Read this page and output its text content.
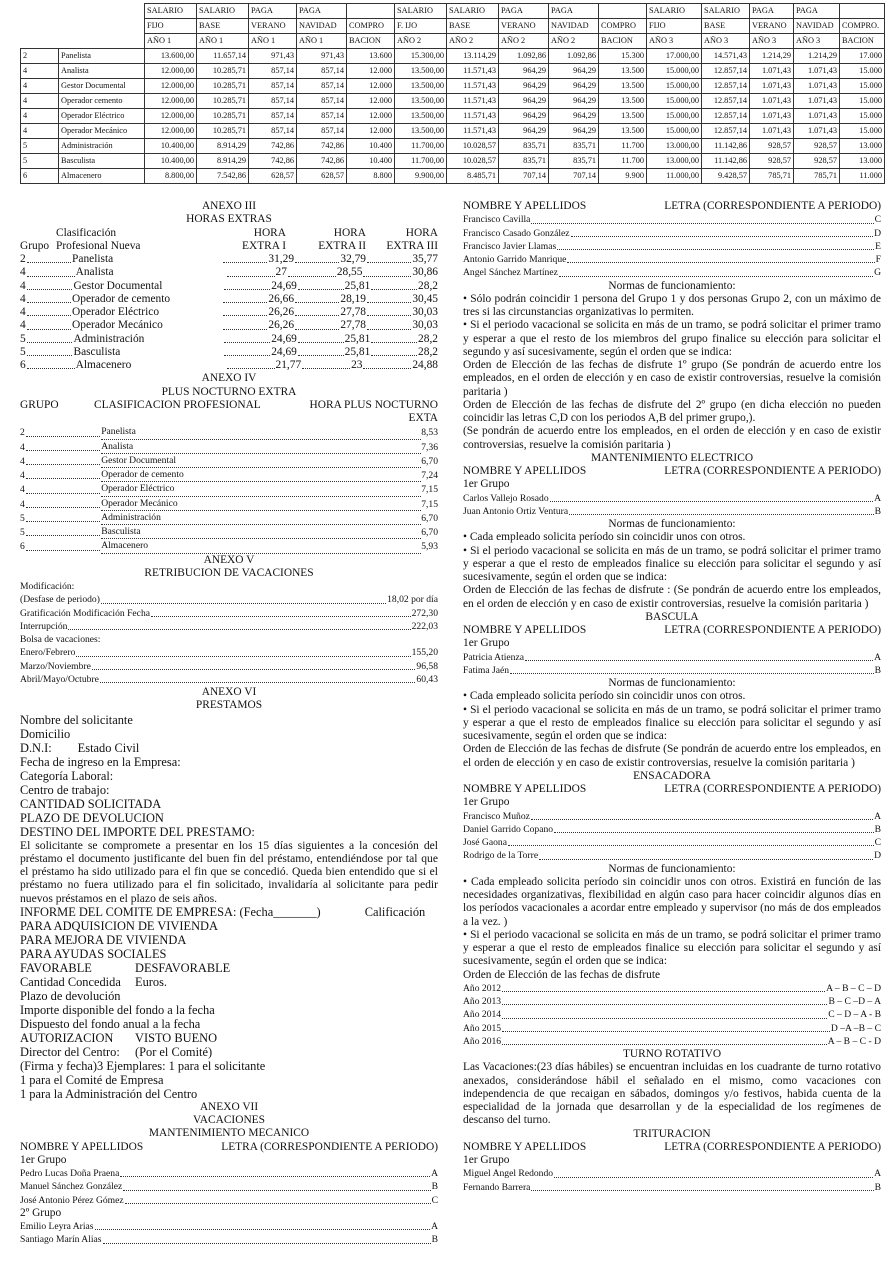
		SALARIO	SALARIO	PAGA	PAGA		SALARIO	SALARIO	PAGA	PAGA		SALARIO	SALARIO	PAGA	PAGA	
		FIJO	BASE	VERANO	NAVIDAD	COMPRO	F. IJO	BASE	VERANO	NAVIDAD	COMPRO	FIJO	BASE	VERANO	NAVIDAD	COMPRO.
		AÑO 1	AÑO 1	AÑO 1	AÑO 1	BACION	AÑO 2	AÑO 2	AÑO 2	AÑO 2	BACION	AÑO 3	AÑO 3	AÑO 3	AÑO 3	BACION
2	Panelista	13.600,00	11.657,14	971,43	971,43	13.600	15.300,00	13.114,29	1.092,86	1.092,86	15.300	17.000,00	14.571,43	1.214,29	1.214,29	17.000
4	Analista	12.000,00	10.285,71	857,14	857,14	12.000	13.500,00	11.571,43	964,29	964,29	13.500	15.000,00	12.857,14	1.071,43	1.071,43	15.000
4	Gestor Documental	12.000,00	10.285,71	857,14	857,14	12.000	13.500,00	11.571,43	964,29	964,29	13.500	15.000,00	12.857,14	1.071,43	1.071,43	15.000
4	Operador cemento	12.000,00	10.285,71	857,14	857,14	12.000	13.500,00	11.571,43	964,29	964,29	13.500	15.000,00	12.857,14	1.071,43	1.071,43	15.000
4	Operador Eléctrico	12.000,00	10.285,71	857,14	857,14	12.000	13.500,00	11.571,43	964,29	964,29	13.500	15.000,00	12.857,14	1.071,43	1.071,43	15.000
4	Operador Mecánico	12.000,00	10.285,71	857,14	857,14	12.000	13.500,00	11.571,43	964,29	964,29	13.500	15.000,00	12.857,14	1.071,43	1.071,43	15.000
5	Administración	10.400,00	8.914,29	742,86	742,86	10.400	11.700,00	10.028,57	835,71	835,71	11.700	13.000,00	11.142,86	928,57	928,57	13.000
5	Basculista	10.400,00	8.914,29	742,86	742,86	10.400	11.700,00	10.028,57	835,71	835,71	11.700	13.000,00	11.142,86	928,57	928,57	13.000
6	Almacenero	8.800,00	7.542,86	628,57	628,57	8.800	9.900,00	8.485,71	707,14	707,14	9.900	11.000,00	9.428,57	785,71	785,71	11.000
ANEXO III
HORAS EXTRAS
Clasificación	HORA	HORA	HORA
Grupo Profesional Nueva	EXTRA I	EXTRA II	EXTRA III
2	Panelista	31,29	32,79	35,77
4	Analista	27	28,55	30,86
4	Gestor Documental	24,69	25,81	28,2
4	Operador de cemento	26,66	28,19	30,45
4	Operador Eléctrico	26,26	27,78	30,03
4	Operador Mecánico	26,26	27,78	30,03
5	Administración	24,69	25,81	28,2
5	Basculista	24,69	25,81	28,2
6	Almacenero	21,77	23	24,88
ANEXO IV
PLUS NOCTURNO EXTRA
GRUPO	CLASIFICACION PROFESIONAL	HORA PLUS NOCTURNO EXTA
2	Panelista	8,53
4	Analista	7,36
4	Gestor Documental	6,70
4	Operador de cemento	7,24
4	Operador Eléctrico	7,15
4	Operador Mecánico	7,15
5	Administración	6,70
5	Basculista	6,70
6	Almacenero	5,93
ANEXO V
RETRIBUCION DE VACACIONES
Modificación:
(Desfase de periodo)	18,02 por día
Gratificación Modificación Fecha	272,30
Interrupción	222,03
Bolsa de vacaciones:
Enero/Febrero	155,20
Marzo/Noviembre	96,58
Abril/Mayo/Octubre	60,43
ANEXO VI
PRESTAMOS
Nombre del solicitante
Domicilio
D.N.I: Estado Civil
Fecha de ingreso en la Empresa:
Categoría Laboral:
Centro de trabajo:
CANTIDAD SOLICITADA
PLAZO DE DEVOLUCION
DESTINO DEL IMPORTE DEL PRESTAMO:
El solicitante se compromete a presentar en los 15 días siguientes a la concesión del préstamo el documento justificante del buen fin del préstamo, entendiéndose por tal que el préstamo ha sido utilizado para el fin que se concedió. Queda bien entendido que si el préstamo no fuera utilizado para el fin solicitado, invalidaría al solicitante para pedir nuevos préstamos en el plazo de seis años.
INFORME DEL COMITE DE EMPRESA: (Fecha_______)	Calificación
PARA ADQUISICION DE VIVIENDA
PARA MEJORA DE VIVIENDA
PARA AYUDAS SOCIALES
FAVORABLE	DESFAVORABLE
Cantidad Concedida Euros.
Plazo de devolución
Importe disponible del fondo a la fecha
Dispuesto del fondo anual a la fecha
AUTORIZACION VISTO BUENO
Director del Centro: (Por el Comité)
(Firma y fecha)3 Ejemplares: 1 para el solicitante
1 para el Comité de Empresa
1 para la Administración del Centro
ANEXO VII
VACACIONES
MANTENIMIENTO MECANICO
NOMBRE Y APELLIDOS	LETRA (CORRESPONDIENTE A PERIODO)
1er Grupo
Pedro Lucas Doña Praena	A
Manuel Sánchez González	B
José Antonio Pérez Gómez	C
2º Grupo
Emilio Leyra Arias	A
Santiago Marín Alias	B
NOMBRE Y APELLIDOS	LETRA (CORRESPONDIENTE A PERIODO)
Francisco Cavilla	C
Francisco Casado González	D
Francisco Javier Llamas	E
Antonio Garrido Manrique	F
Angel Sánchez Martínez	G
Normas de funcionamiento:
• Sólo podrán coincidir 1 persona del Grupo 1 y dos personas Grupo 2, con un máximo de tres si las circunstancias organizativas lo permiten.
• Si el periodo vacacional se solicita en más de un tramo, se podrá solicitar el primer tramo y esperar a que el resto de los miembros del grupo finalice su elección para solicitar el segundo y así sucesivamente, según el orden que se indica:
Orden de Elección de las fechas de disfrute 1º grupo (Se pondrán de acuerdo entre los empleados, en el orden de elección y en caso de existir controversias, resuelve la comisión paritaria )
Orden de Elección de las fechas de disfrute del 2º grupo (en dicha elección no pueden coincidir las letras C,D con los periodos A,B del primer grupo,).
(Se pondrán de acuerdo entre los empleados, en el orden de elección y en caso de existir controversias, resuelve la comisión paritaria )
MANTENIMIENTO ELECTRICO
NOMBRE Y APELLIDOS	LETRA (CORRESPONDIENTE A PERIODO)
1er Grupo
Carlos Vallejo Rosado	A
Juan Antonio Ortiz Ventura	B
Normas de funcionamiento:
• Cada empleado solicita período sin coincidir unos con otros.
• Si el periodo vacacional se solicita en más de un tramo, se podrá solicitar el primer tramo y esperar a que el resto de empleados finalice su elección para solicitar el segundo y así sucesivamente, según el orden que se indica:
Orden de Elección de las fechas de disfrute : (Se pondrán de acuerdo entre los empleados, en el orden de elección y en caso de existir controversias, resuelve la comisión paritaria )
BASCULA
NOMBRE Y APELLIDOS	LETRA (CORRESPONDIENTE A PERIODO)
1er Grupo
Patricia Atienza	A
Fatima Jaén	B
Normas de funcionamiento:
• Cada empleado solicita período sin coincidir unos con otros.
• Si el periodo vacacional se solicita en más de un tramo, se podrá solicitar el primer tramo y esperar a que el resto de empleados finalice su elección para solicitar el segundo y así sucesivamente, según el orden que se indica:
Orden de Elección de las fechas de disfrute (Se pondrán de acuerdo entre los empleados, en el orden de elección y en caso de existir controversias, resuelve la comisión paritaria )
ENSACADORA
NOMBRE Y APELLIDOS	LETRA (CORRESPONDIENTE A PERIODO)
1er Grupo
Francisco Muñoz	A
Daniel Garrido Copano	B
José Gaona	C
Rodrigo de la Torre	D
Normas de funcionamiento:
• Cada empleado solicita período sin coincidir unos con otros. Existirá en función de las necesidades organizativas, flexibilidad en algún caso para hacer coincidir algunos días en los períodos vacacionales a acordar entre empleado y supervisor (no más de dos empleados a la vez. )
• Si el periodo vacacional se solicita en más de un tramo, se podrá solicitar el primer tramo y esperar a que el resto de empleados finalice su elección para solicitar el segundo y así sucesivamente, según el orden que se indica:
Orden de Elección de las fechas de disfrute
Año 2012	A – B – C – D
Año 2013	B – C –D – A
Año 2014	C – D – A - B
Año 2015	D –A –B – C
Año 2016	A – B – C - D
TURNO ROTATIVO
Las Vacaciones:(23 días hábiles) se encuentran incluidas en los cuadrante de turno rotativo anexados, considerándose hábil el señalado en el mismo, como vacaciones con independencia de que recaigan en sábados, domingos y/o festivos, habida cuenta de la especialidad de la jornada que desarrollan y de la especialidad de los regímenes de descanso del turno.
TRITURACION
NOMBRE Y APELLIDOS	LETRA (CORRESPONDIENTE A PERIODO)
1er Grupo
Miguel Angel Redondo	A
Fernando Barrera	B
